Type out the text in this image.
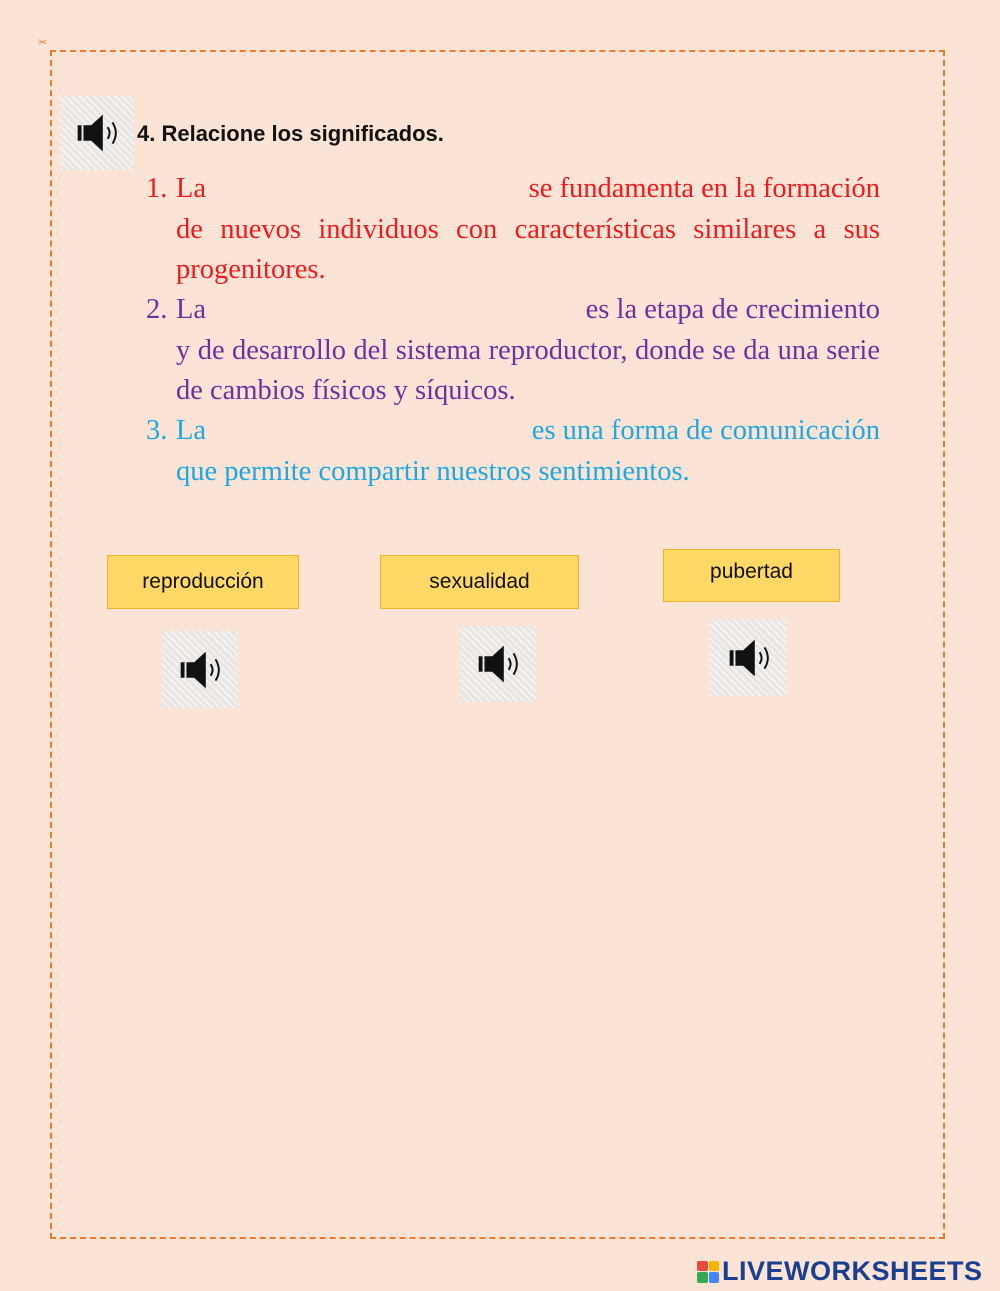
✂
4. Relacione los significados.
1. La	se fundamenta en la formación
de nuevos individuos con características similares a sus progenitores.
2. La	es la etapa de crecimiento
y de desarrollo del sistema reproductor, donde se da una serie de cambios físicos y síquicos.
3. La	es una forma de comunicación
que permite compartir nuestros sentimientos.
reproducción	sexualidad	pubertad
LIVEWORKSHEETS
